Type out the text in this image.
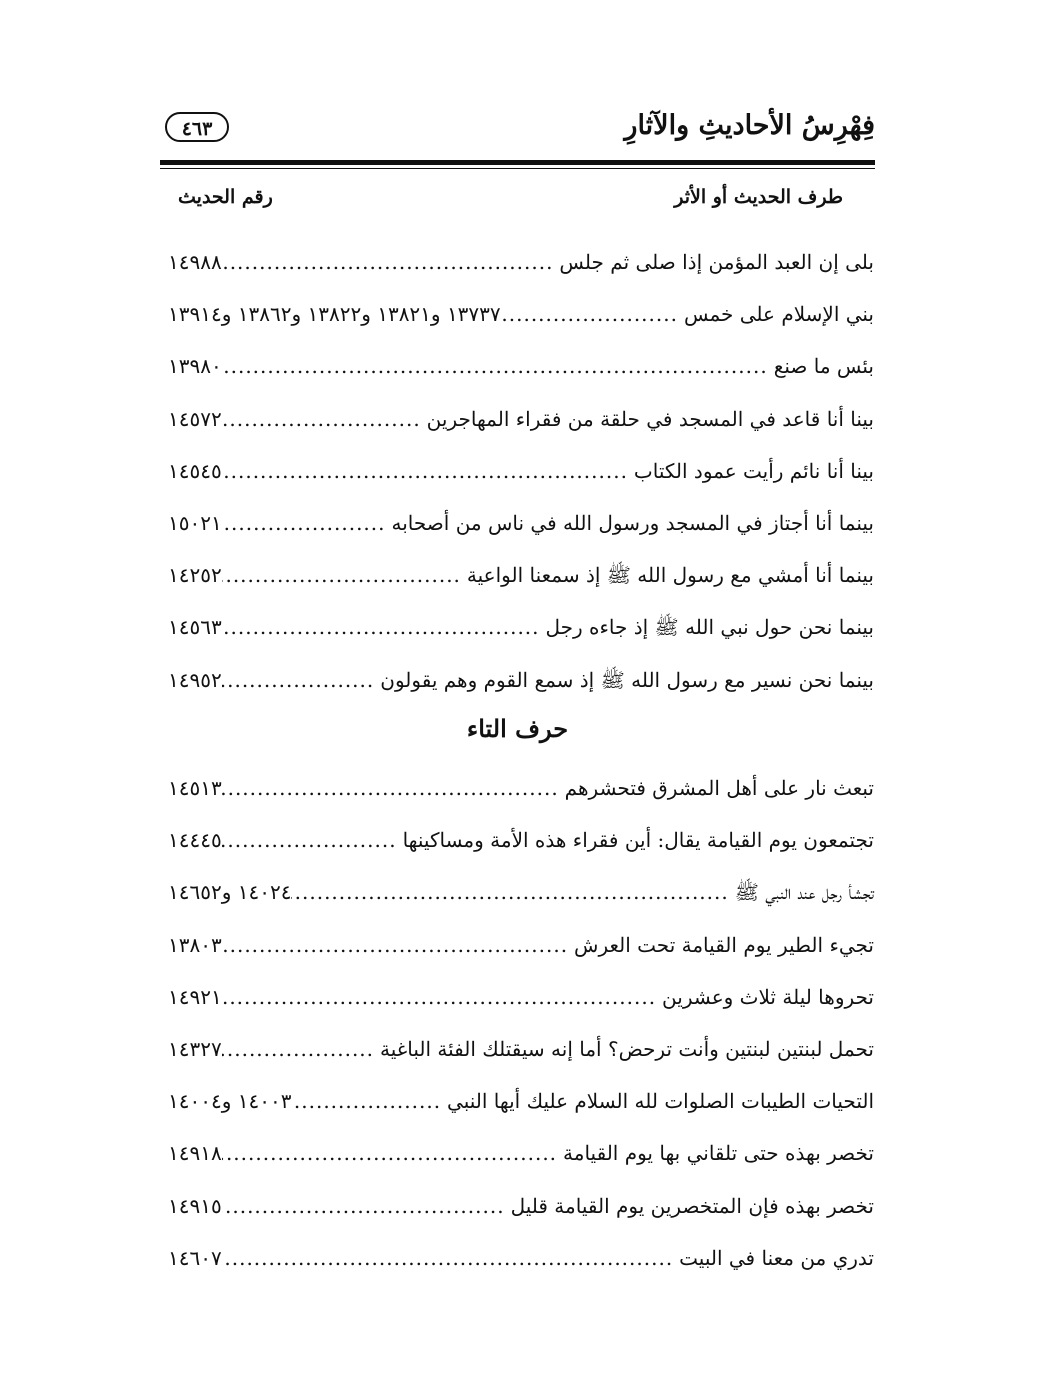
فِهْرِسُ الأحاديثِ والآثارِ
٤٦٣
طرف الحديث أو الأثر
رقم الحديث
بلى إن العبد المؤمن إذا صلى ثم جلس
.....
١٤٩٨٨
بني الإسلام على خمس
.....
١٣٧٣٧ و١٣٨٢١ و١٣٨٢٢ و١٣٨٦٢ و١٣٩١٤
بئس ما صنع
.....
١٣٩٨٠
بينا أنا قاعد في المسجد في حلقة من فقراء المهاجرين
.....
١٤٥٧٢
بينا أنا نائم رأيت عمود الكتاب
.....
١٤٥٤٥
بينما أنا أجتاز في المسجد ورسول الله في ناس من أصحابه
.....
١٥٠٢١
بينما أنا أمشي مع رسول الله ﷺ إذ سمعنا الواعية
.....
١٤٢٥٢
بينما نحن حول نبي الله ﷺ إذ جاءه رجل
.....
١٤٥٦٣
بينما نحن نسير مع رسول الله ﷺ إذ سمع القوم وهم يقولون
.....
١٤٩٥٢
حرف التاء
تبعث نار على أهل المشرق فتحشرهم
.....
١٤٥١٣
تجتمعون يوم القيامة يقال: أين فقراء هذه الأمة ومساكينها
.....
١٤٤٤٥
تجشأ رجل عند النبي ﷺ
.....
١٤٠٢٤ و١٤٦٥٢
تجيء الطير يوم القيامة تحت العرش
.....
١٣٨٠٣
تحروها ليلة ثلاث وعشرين
.....
١٤٩٢١
تحمل لبنتين لبنتين وأنت ترحض؟ أما إنه سيقتلك الفئة الباغية
.....
١٤٣٢٧
التحيات الطيبات الصلوات لله السلام عليك أيها النبي
.....
١٤٠٠٣ و١٤٠٠٤
تخصر بهذه حتى تلقاني بها يوم القيامة
.....
١٤٩١٨
تخصر بهذه فإن المتخصرين يوم القيامة قليل
.....
١٤٩١٥
تدري من معنا في البيت
.....
١٤٦٠٧
